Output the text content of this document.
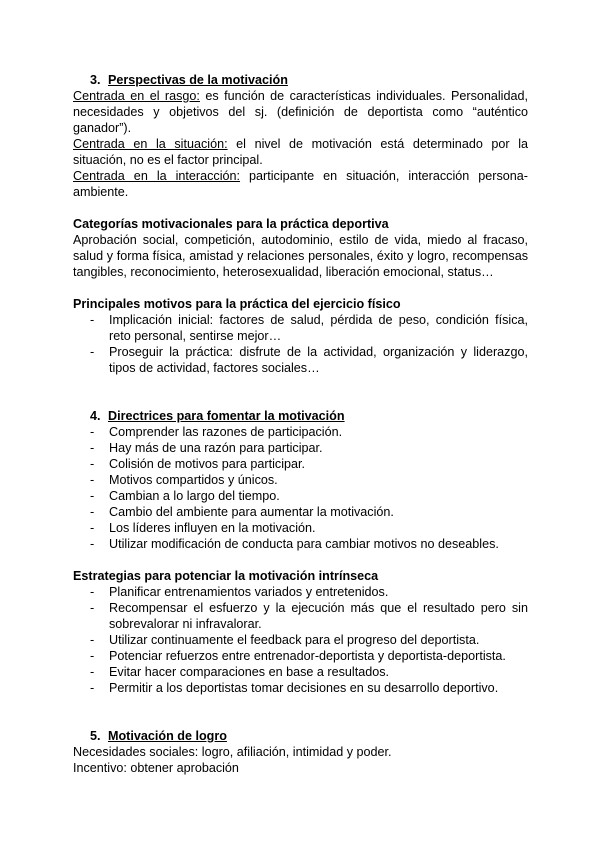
3. Perspectivas de la motivación

Centrada en el rasgo: es función de características individuales. Personalidad, necesidades y objetivos del sj. (definición de deportista como “auténtico ganador”).

Centrada en la situación: el nivel de motivación está determinado por la situación, no es el factor principal.

Centrada en la interacción: participante en situación, interacción persona-ambiente.

Categorías motivacionales para la práctica deportiva

Aprobación social, competición, autodominio, estilo de vida, miedo al fracaso, salud y forma física, amistad y relaciones personales, éxito y logro, recompensas tangibles, reconocimiento, heterosexualidad, liberación emocional, status…

Principales motivos para la práctica del ejercicio físico

- Implicación inicial: factores de salud, pérdida de peso, condición física, reto personal, sentirse mejor…
- Proseguir la práctica: disfrute de la actividad, organización y liderazgo, tipos de actividad, factores sociales…

4. Directrices para fomentar la motivación

- Comprender las razones de participación.
- Hay más de una razón para participar.
- Colisión de motivos para participar.
- Motivos compartidos y únicos.
- Cambian a lo largo del tiempo.
- Cambio del ambiente para aumentar la motivación.
- Los líderes influyen en la motivación.
- Utilizar modificación de conducta para cambiar motivos no deseables.

Estrategias para potenciar la motivación intrínseca

- Planificar entrenamientos variados y entretenidos.
- Recompensar el esfuerzo y la ejecución más que el resultado pero sin sobrevalorar ni infravalorar.
- Utilizar continuamente el feedback para el progreso del deportista.
- Potenciar refuerzos entre entrenador-deportista y deportista-deportista.
- Evitar hacer comparaciones en base a resultados.
- Permitir a los deportistas tomar decisiones en su desarrollo deportivo.

5. Motivación de logro

Necesidades sociales: logro, afiliación, intimidad y poder.

Incentivo: obtener aprobación
